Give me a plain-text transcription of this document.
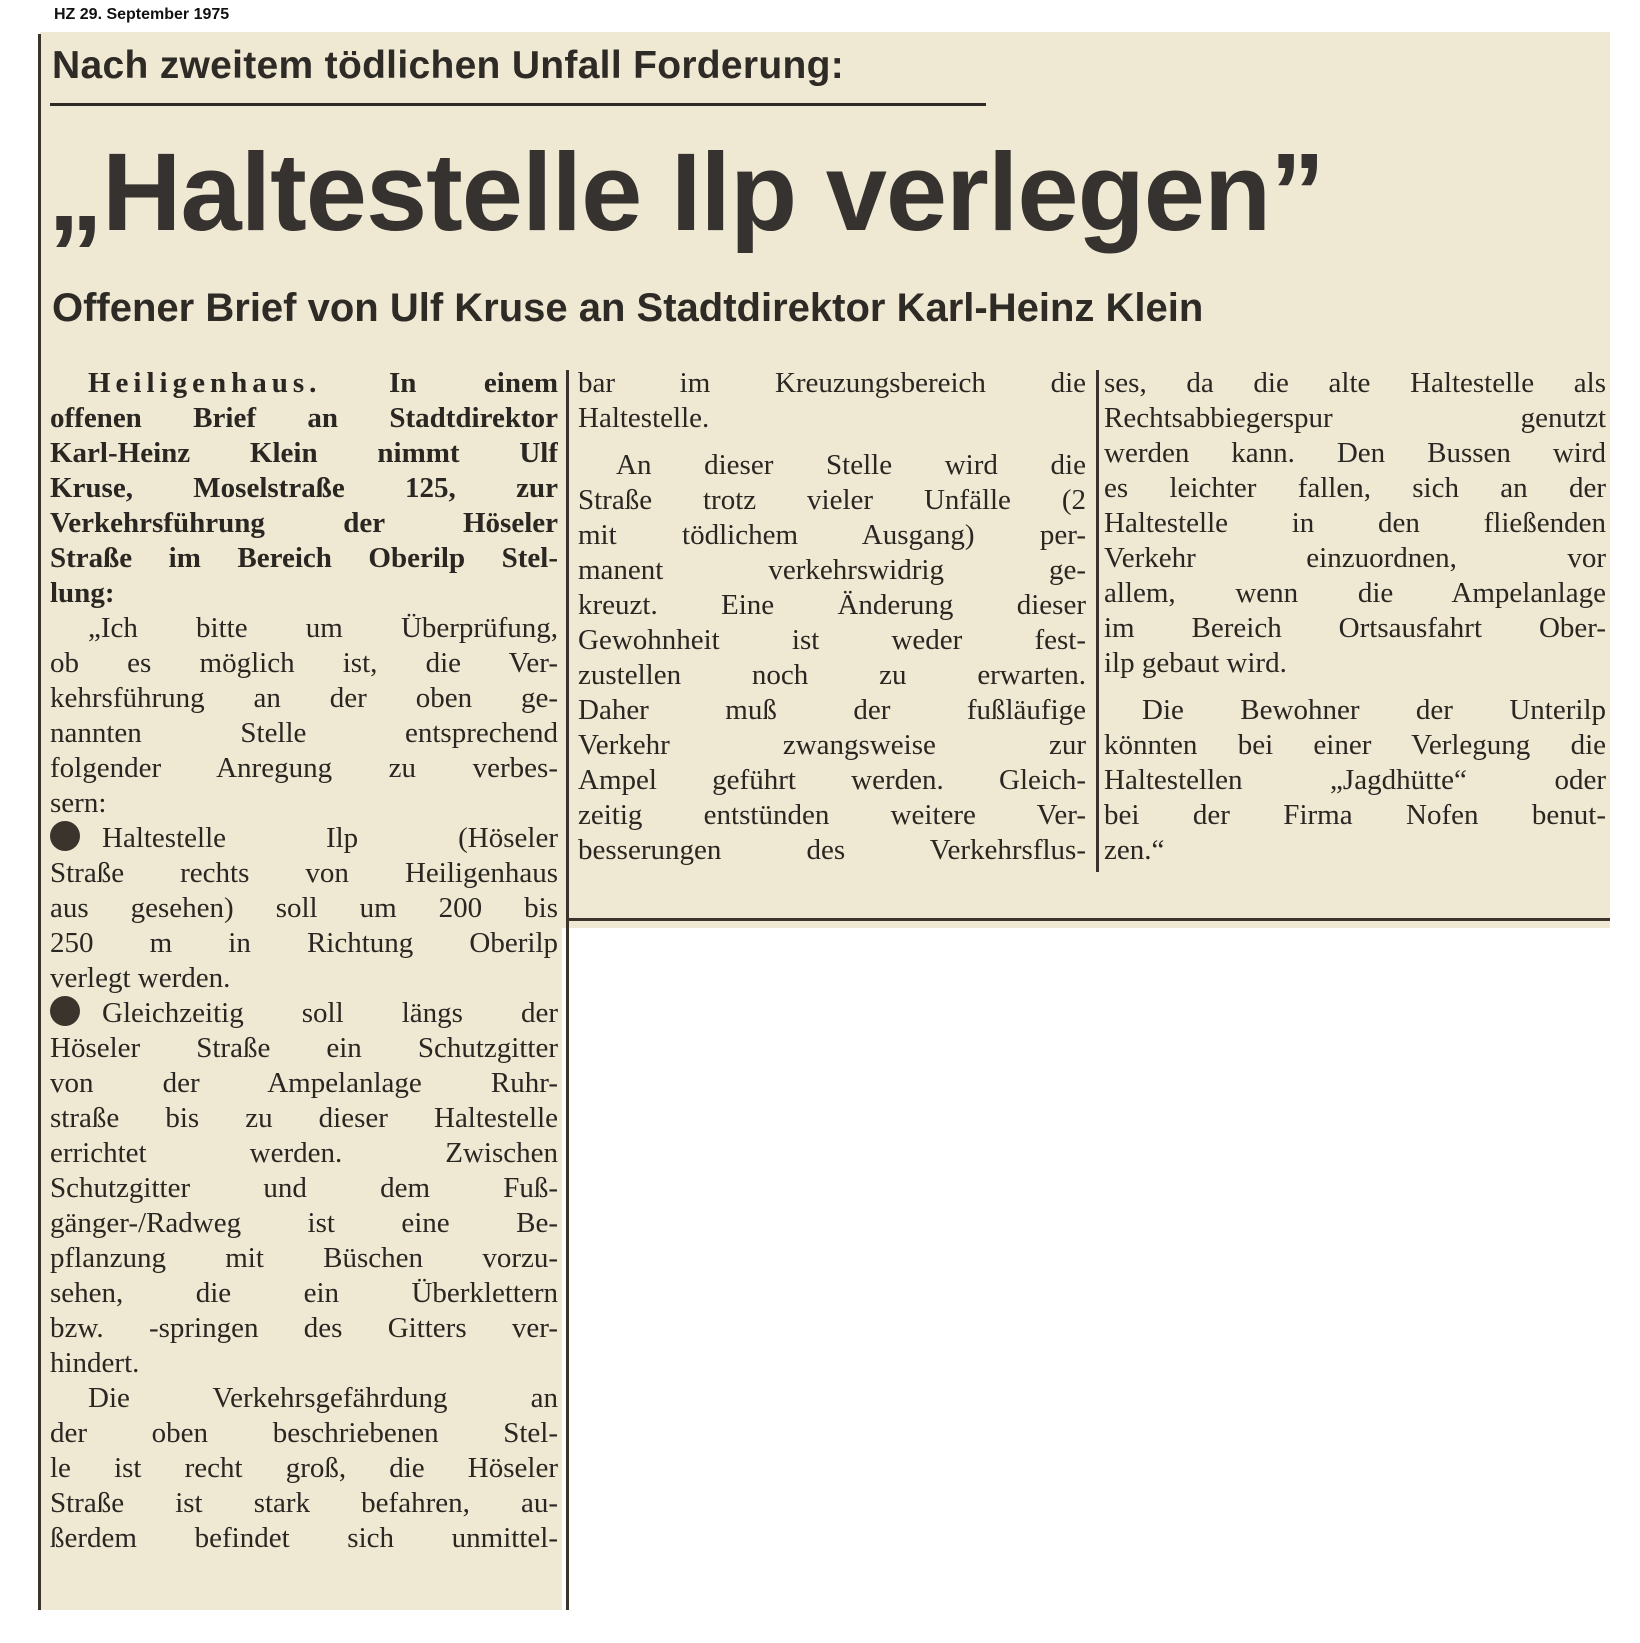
HZ 29. September 1975
Nach zweitem tödlichen Unfall Forderung:
„Haltestelle Ilp verlegen”
Offener Brief von Ulf Kruse an Stadtdirektor Karl-Heinz Klein
Heiligenhaus. In einem
offenen Brief an Stadtdirektor
Karl-Heinz Klein nimmt Ulf
Kruse, Moselstraße 125, zur
Verkehrsführung der Höseler
Straße im Bereich Oberilp Stel-
lung:
„Ich bitte um Überprüfung,
ob es möglich ist, die Ver-
kehrsführung an der oben ge-
nannten Stelle entsprechend
folgender Anregung zu verbes-
sern:
Haltestelle Ilp (Höseler
Straße rechts von Heiligenhaus
aus gesehen) soll um 200 bis
250 m in Richtung Oberilp
verlegt werden.
Gleichzeitig soll längs der
Höseler Straße ein Schutzgitter
von der Ampelanlage Ruhr-
straße bis zu dieser Haltestelle
errichtet werden. Zwischen
Schutzgitter und dem Fuß-
gänger-/Radweg ist eine Be-
pflanzung mit Büschen vorzu-
sehen, die ein Überklettern
bzw. -springen des Gitters ver-
hindert.
Die Verkehrsgefährdung an
der oben beschriebenen Stel-
le ist recht groß, die Höseler
Straße ist stark befahren, au-
ßerdem befindet sich unmittel-
bar im Kreuzungsbereich die
Haltestelle.
An dieser Stelle wird die
Straße trotz vieler Unfälle (2
mit tödlichem Ausgang) per-
manent verkehrswidrig ge-
kreuzt. Eine Änderung dieser
Gewohnheit ist weder fest-
zustellen noch zu erwarten.
Daher muß der fußläufige
Verkehr zwangsweise zur
Ampel geführt werden. Gleich-
zeitig entstünden weitere Ver-
besserungen des Verkehrsflus-
ses, da die alte Haltestelle als
Rechtsabbiegerspur genutzt
werden kann. Den Bussen wird
es leichter fallen, sich an der
Haltestelle in den fließenden
Verkehr einzuordnen, vor
allem, wenn die Ampelanlage
im Bereich Ortsausfahrt Ober-
ilp gebaut wird.
Die Bewohner der Unterilp
könnten bei einer Verlegung die
Haltestellen „Jagdhütte“ oder
bei der Firma Nofen benut-
zen.“
